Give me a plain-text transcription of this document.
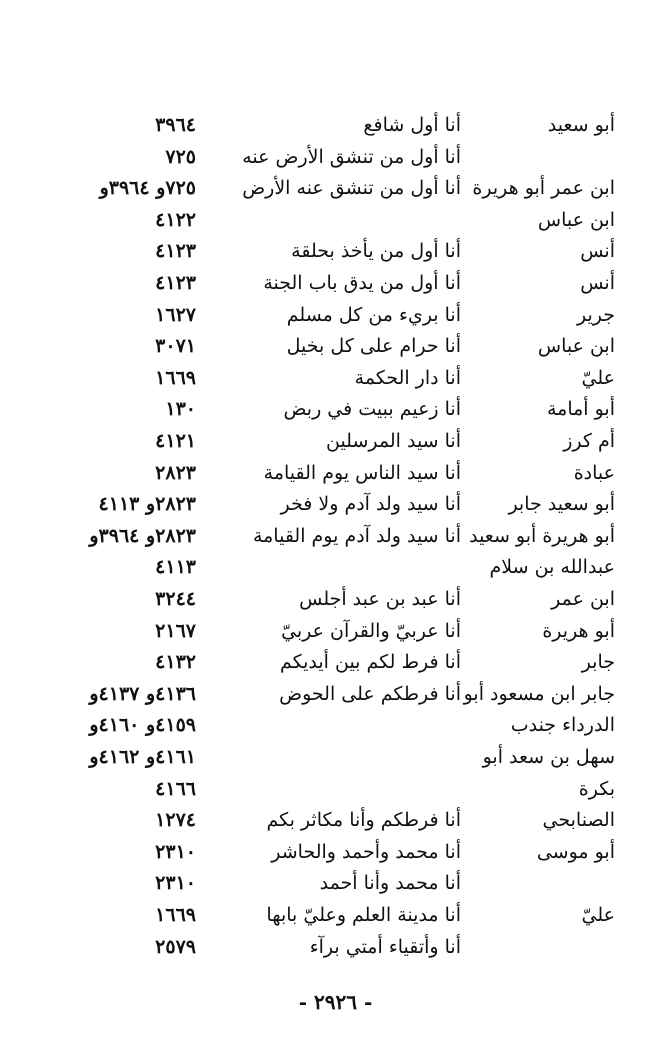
أبو سعيد
أنا أول شافع
٣٩٦٤
أنا أول من تنشق الأرض عنه
٧٢٥
ابن عمر أبو هريرة
أنا أول من تنشق عنه الأرض
٧٢٥و ٣٩٦٤و
ابن عباس
٤١٢٢
أنس
أنا أول من يأخذ بحلقة
٤١٢٣
أنس
أنا أول من يدق باب الجنة
٤١٢٣
جرير
أنا بريء من كل مسلم
١٦٢٧
ابن عباس
أنا حرام على كل بخيل
٣٠٧١
عليّ
أنا دار الحكمة
١٦٦٩
أبو أمامة
أنا زعيم ببيت في ربض
١٣٠
أم كرز
أنا سيد المرسلين
٤١٢١
عبادة
أنا سيد الناس يوم القيامة
٢٨٢٣
أبو سعيد جابر
أنا سيد ولد آدم ولا فخر
٢٨٢٣و ٤١١٣
أبو هريرة أبو سعيد
أنا سيد ولد آدم يوم القيامة
٢٨٢٣و ٣٩٦٤و
عبدالله بن سلام
٤١١٣
ابن عمر
أنا عبد بن عبد أجلس
٣٢٤٤
أبو هريرة
أنا عربيّ والقرآن عربيّ
٢١٦٧
جابر
أنا فرط لكم بين أيديكم
٤١٣٢
جابر ابن مسعود أبو
أنا فرطكم على الحوض
٤١٣٦و ٤١٣٧و
الدرداء جندب
٤١٥٩و ٤١٦٠و
سهل بن سعد أبو
٤١٦١و ٤١٦٢و
بكرة
٤١٦٦
الصنابحي
أنا فرطكم وأنا مكاثر بكم
١٢٧٤
أبو موسى
أنا محمد وأحمد والحاشر
٢٣١٠
أنا محمد وأنا أحمد
٢٣١٠
عليّ
أنا مدينة العلم وعليّ بابها
١٦٦٩
أنا وأتقياء أمتي برآء
٢٥٧٩
- ٢٩٢٦ -
